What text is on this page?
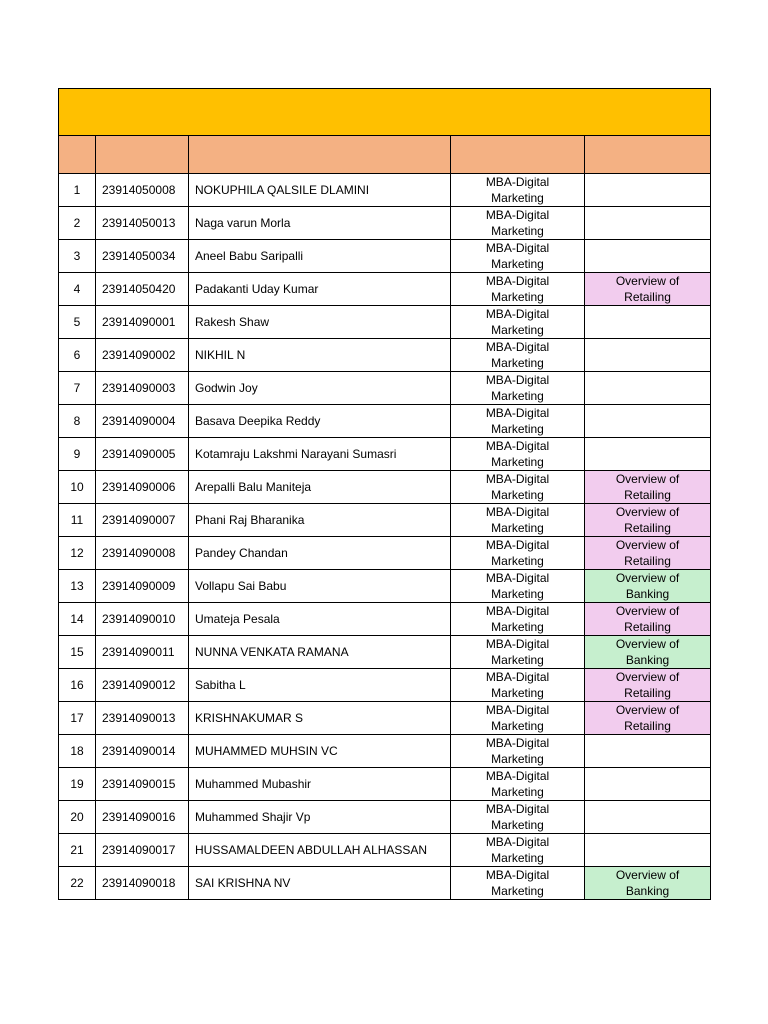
1	23914050008	NOKUPHILA QALSILE DLAMINI	MBA-Digital
Marketing	
2	23914050013	Naga varun Morla	MBA-Digital
Marketing	
3	23914050034	Aneel Babu Saripalli	MBA-Digital
Marketing	
4	23914050420	Padakanti Uday Kumar	MBA-Digital
Marketing	Overview of
Retailing
5	23914090001	Rakesh Shaw	MBA-Digital
Marketing	
6	23914090002	NIKHIL N	MBA-Digital
Marketing	
7	23914090003	Godwin Joy	MBA-Digital
Marketing	
8	23914090004	Basava Deepika Reddy	MBA-Digital
Marketing	
9	23914090005	Kotamraju Lakshmi Narayani Sumasri	MBA-Digital
Marketing	
10	23914090006	Arepalli Balu Maniteja	MBA-Digital
Marketing	Overview of
Retailing
11	23914090007	Phani Raj Bharanika	MBA-Digital
Marketing	Overview of
Retailing
12	23914090008	Pandey Chandan	MBA-Digital
Marketing	Overview of
Retailing
13	23914090009	Vollapu Sai Babu	MBA-Digital
Marketing	Overview of
Banking
14	23914090010	Umateja Pesala	MBA-Digital
Marketing	Overview of
Retailing
15	23914090011	NUNNA VENKATA RAMANA	MBA-Digital
Marketing	Overview of
Banking
16	23914090012	Sabitha L	MBA-Digital
Marketing	Overview of
Retailing
17	23914090013	KRISHNAKUMAR S	MBA-Digital
Marketing	Overview of
Retailing
18	23914090014	MUHAMMED MUHSIN VC	MBA-Digital
Marketing	
19	23914090015	Muhammed Mubashir	MBA-Digital
Marketing	
20	23914090016	Muhammed Shajir Vp	MBA-Digital
Marketing	
21	23914090017	HUSSAMALDEEN ABDULLAH ALHASSAN	MBA-Digital
Marketing	
22	23914090018	SAI KRISHNA NV	MBA-Digital
Marketing	Overview of
Banking
